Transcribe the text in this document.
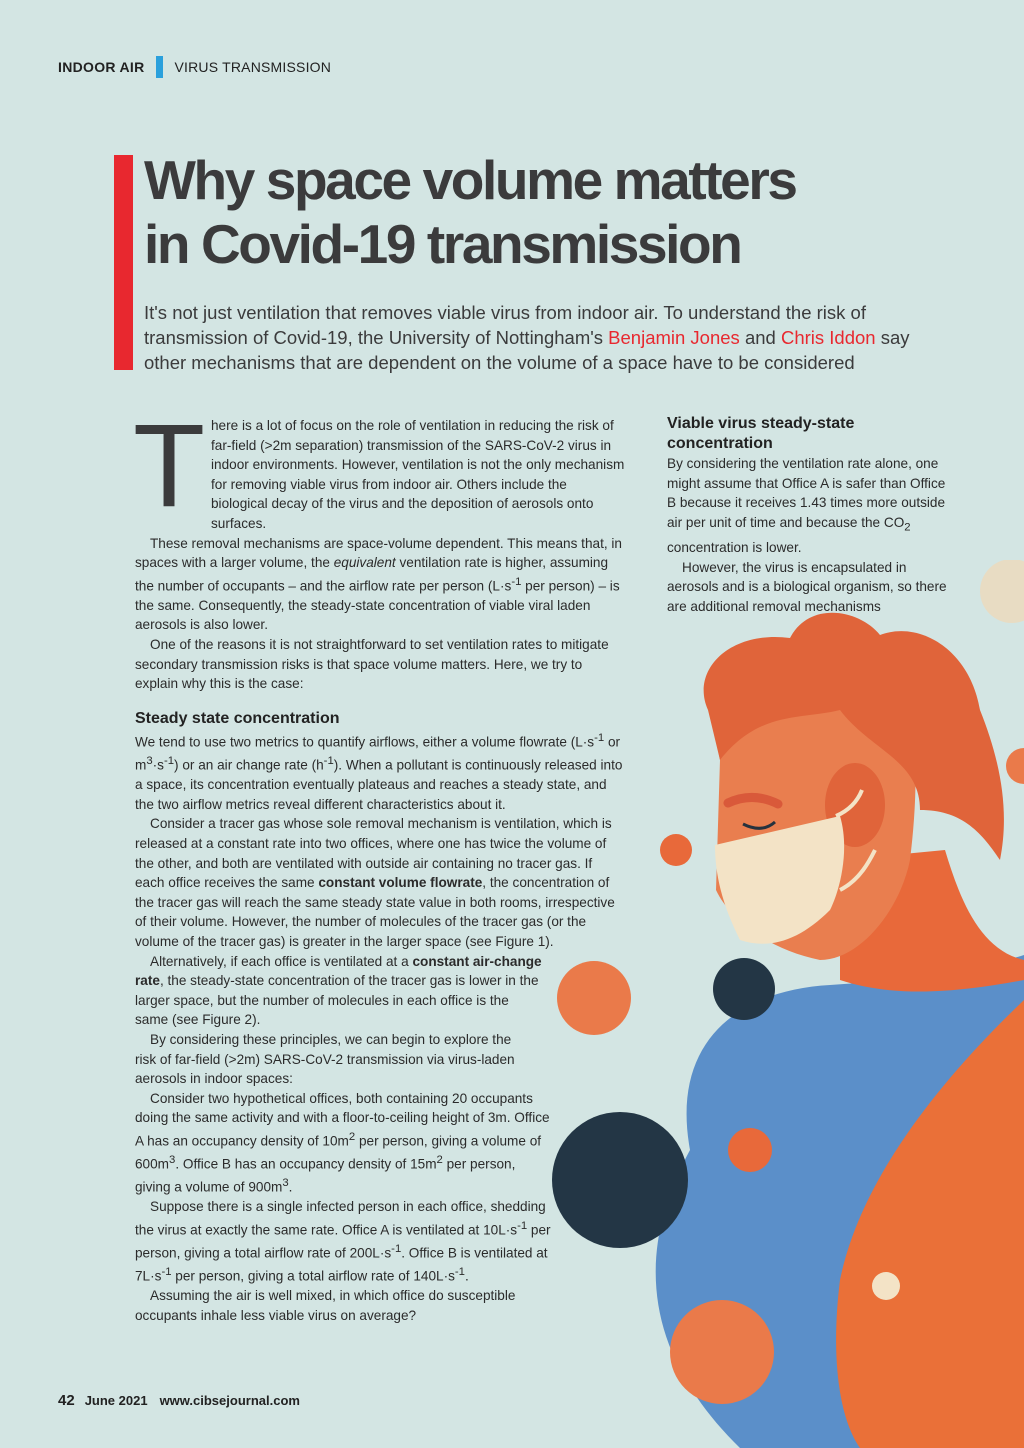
INDOOR AIR VIRUS TRANSMISSION
Why space volume matters
in Covid-19 transmission

It's not just ventilation that removes viable virus from indoor air. To understand the risk of transmission of Covid-19, the University of Nottingham's Benjamin Jones and Chris Iddon say other mechanisms that are dependent on the volume of a space have to be considered

T here is a lot of focus on the role of ventilation in reducing the risk of far-field (>2m separation) transmission of the SARS-CoV-2 virus in indoor environments. However, ventilation is not the only mechanism for removing viable virus from indoor air. Others include the biological decay of the virus and the deposition of aerosols onto surfaces.

These removal mechanisms are space-volume dependent. This means that, in spaces with a larger volume, the equivalent ventilation rate is higher, assuming the number of occupants – and the airflow rate per person ($L\cdot s^{-1}$ per person) – is the same. Consequently, the steady-state concentration of viable viral laden aerosols is also lower.

One of the reasons it is not straightforward to set ventilation rates to mitigate secondary transmission risks is that space volume matters. Here, we try to explain why this is the case:

Steady state concentration

We tend to use two metrics to quantify airflows, either a volume flowrate ($L\cdot s^{-1}$ or $m^3\cdot s^{-1}$) or an air change rate $(h^{-1})$. When a pollutant is continuously released into a space, its concentration eventually plateaus and reaches a steady state, and the two airflow metrics reveal different characteristics about it.

Consider a tracer gas whose sole removal mechanism is ventilation, which is released at a constant rate into two offices, where one has twice the volume of the other, and both are ventilated with outside air containing no tracer gas. If each office receives the same constant volume flowrate, the concentration of the tracer gas will reach the same steady state value in both rooms, irrespective of their volume. However, the number of molecules of the tracer gas (or the volume of the tracer gas) is greater in the larger space (see Figure 1).

Alternatively, if each office is ventilated at a constant air-change rate, the steady-state concentration of the tracer gas is lower in the larger space, but the number of molecules in each office is the same (see Figure 2).

By considering these principles, we can begin to explore the risk of far-field (>2m) SARS-CoV-2 transmission via virus-laden aerosols in indoor spaces:

Consider two hypothetical offices, both containing 20 occupants doing the same activity and with a floor-to-ceiling height of 3m. Office A has an occupancy density of $10m^2$ per person, giving a volume of $600m^3$. Office B has an occupancy density of $15m^2$ per person, giving a volume of $900m^3$.

Suppose there is a single infected person in each office, shedding the virus at exactly the same rate. Office A is ventilated at $10L\cdot s^{-1}$ per person, giving a total airflow rate of $200L\cdot s^{-1}$. Office B is ventilated at $7L\cdot s^{-1}$ per person, giving a total airflow rate of $140L\cdot s^{-1}$.

Assuming the air is well mixed, in which office do susceptible occupants inhale less viable virus on average?

Viable virus steady-state concentration

By considering the ventilation rate alone, one might assume that Office A is safer than Office B because it receives 1.43 times more outside air per unit of time and because the $CO_2$ concentration is lower.

However, the virus is encapsulated in aerosols and is a biological organism, so there are additional removal mechanisms

42 June 2021 www.cibsejournal.com
